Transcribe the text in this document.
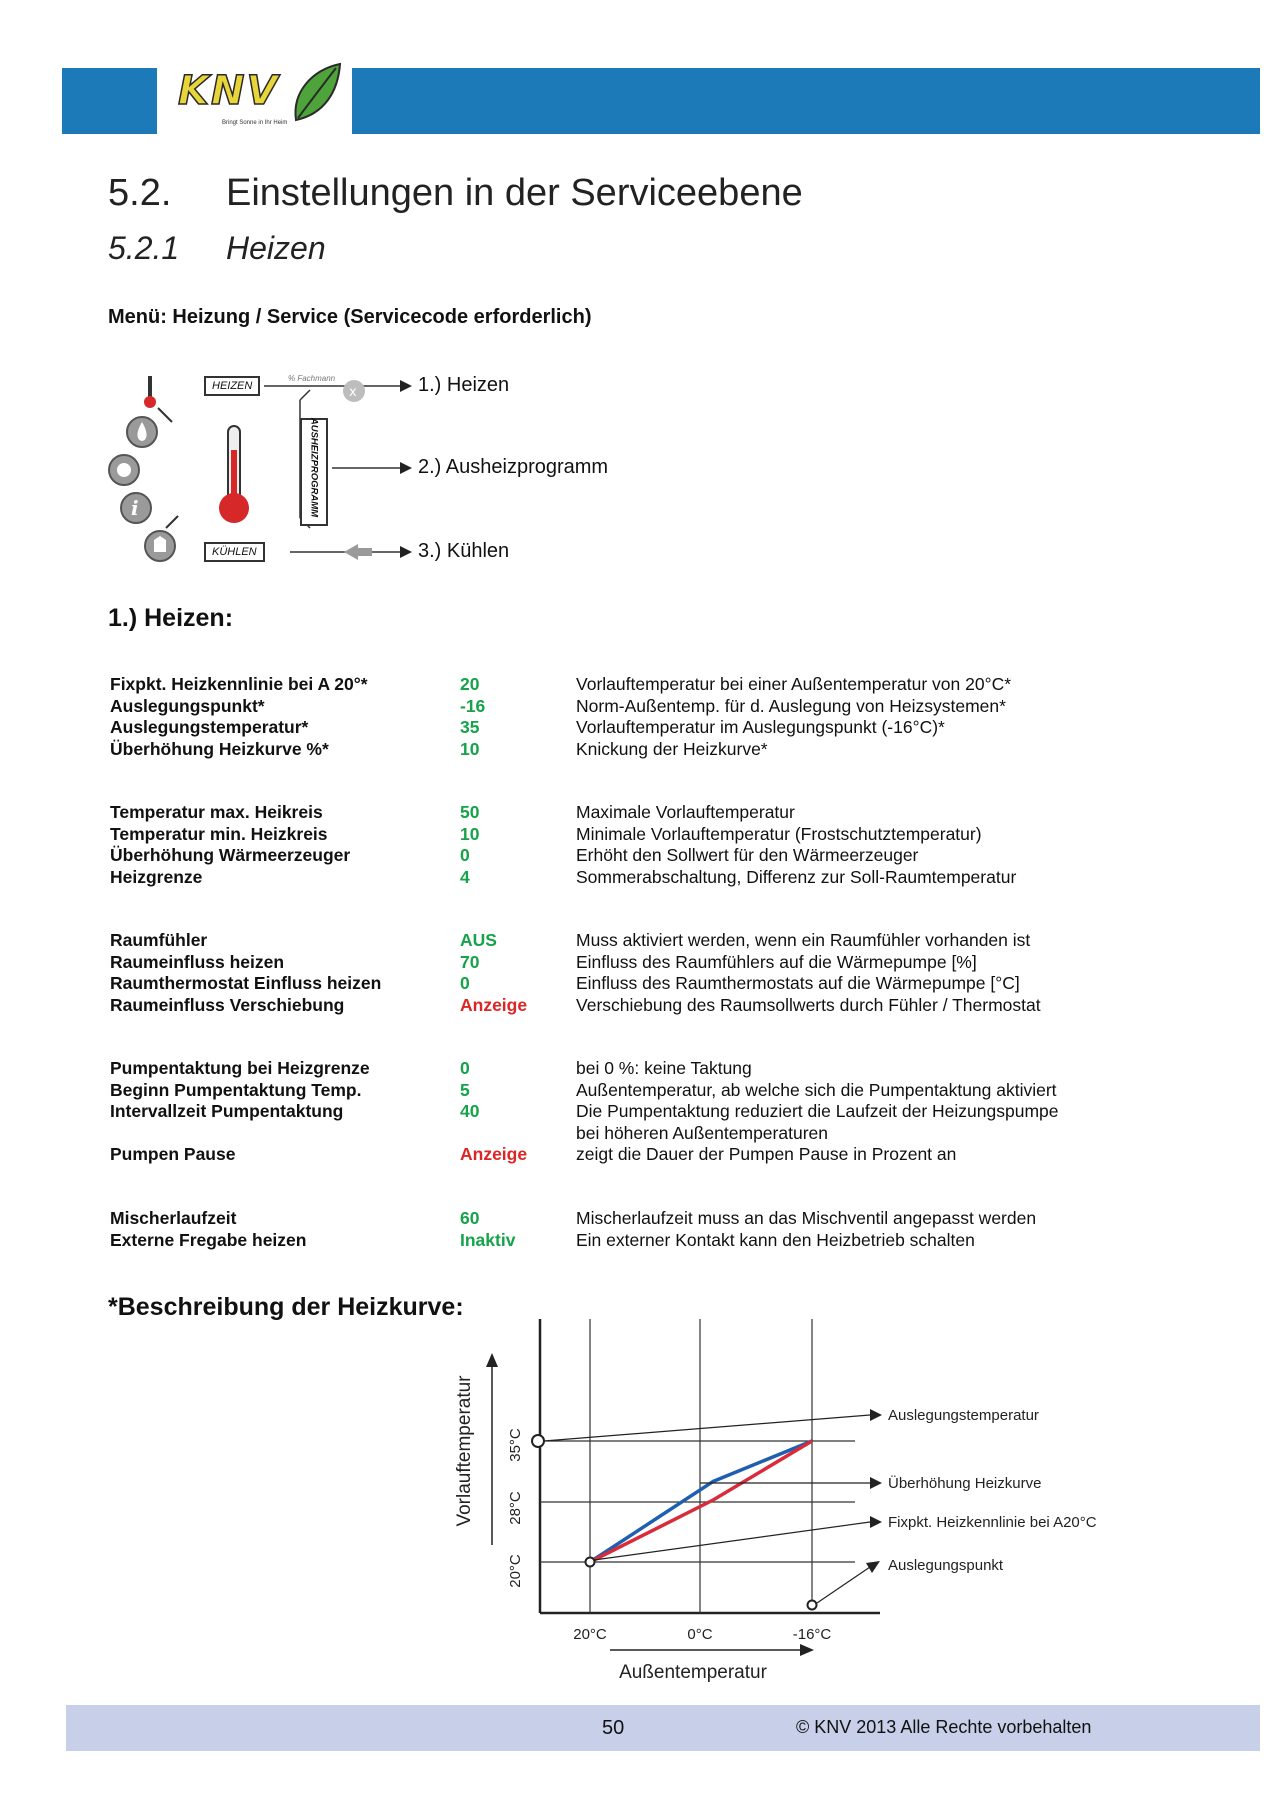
KNV
Bringt Sonne in Ihr Heim
5.2. Einstellungen in der Serviceebene
5.2.1 Heizen
Menü: Heizung / Service (Servicecode erforderlich)
i
x
HEIZEN
% Fachmann
AUSHEIZPROGRAMM
KÜHLEN
1.) Heizen
2.) Ausheizprogramm
3.) Kühlen
1.) Heizen:
Fixpkt. Heizkennlinie bei A 20°*	20	Vorlauftemperatur bei einer Außentemperatur von 20°C*
Auslegungspunkt*	-16	Norm-Außentemp. für d. Auslegung von Heizsystemen*
Auslegungstemperatur*	35	Vorlauftemperatur im Auslegungspunkt (-16°C)*
Überhöhung Heizkurve %*	10	Knickung der Heizkurve*
Temperatur max. Heikreis	50	Maximale Vorlauftemperatur
Temperatur min. Heizkreis	10	Minimale Vorlauftemperatur (Frostschutztemperatur)
Überhöhung Wärmeerzeuger	0	Erhöht den Sollwert für den Wärmeerzeuger
Heizgrenze	4	Sommerabschaltung, Differenz zur Soll-Raumtemperatur
Raumfühler	AUS	Muss aktiviert werden, wenn ein Raumfühler vorhanden ist
Raumeinfluss heizen	70	Einfluss des Raumfühlers auf die Wärmepumpe [%]
Raumthermostat Einfluss heizen	0	Einfluss des Raumthermostats auf die Wärmepumpe [°C]
Raumeinfluss Verschiebung	Anzeige	Verschiebung des Raumsollwerts durch Fühler / Thermostat
Pumpentaktung bei Heizgrenze	0	bei 0 %: keine Taktung
Beginn Pumpentaktung Temp.	5	Außentemperatur, ab welche sich die Pumpentaktung aktiviert
Intervallzeit Pumpentaktung	40	Die Pumpentaktung reduziert die Laufzeit der Heizungspumpe
bei höheren Außentemperaturen
Pumpen Pause	Anzeige	zeigt die Dauer der Pumpen Pause in Prozent an
Mischerlaufzeit	60	Mischerlaufzeit muss an das Mischventil angepasst werden
Externe Fregabe heizen	Inaktiv	Ein externer Kontakt kann den Heizbetrieb schalten
*Beschreibung der Heizkurve:
Auslegungstemperatur
Überhöhung Heizkurve
Fixpkt. Heizkennlinie bei A20°C
Auslegungspunkt
35°C
28°C
20°C
Vorlauftemperatur
20°C	0°C	-16°C
Außentemperatur
50	© KNV 2013 Alle Rechte vorbehalten
